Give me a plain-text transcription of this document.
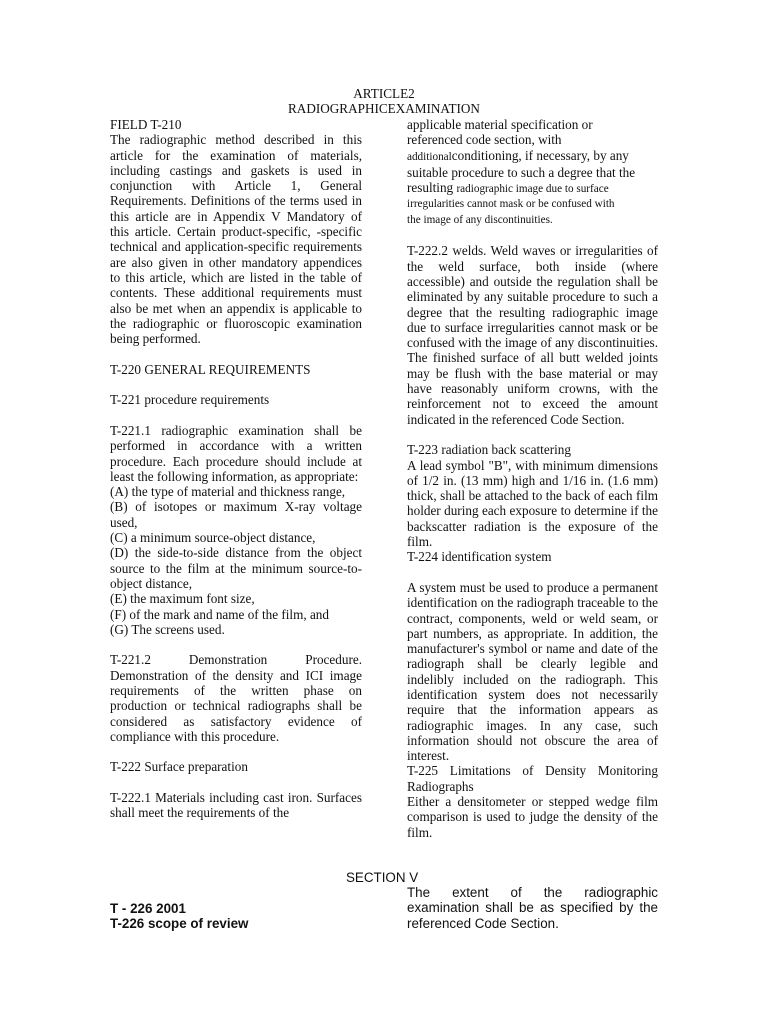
ARTICLE2
RADIOGRAPHICEXAMINATION

FIELD T-210

The radiographic method described in this article for the examination of materials, including castings and gaskets is used in conjunction with Article 1, General Requirements. Definitions of the terms used in this article are in Appendix V Mandatory of this article. Certain product-specific, -specific technical and application-specific requirements are also given in other mandatory appendices to this article, which are listed in the table of contents. These additional requirements must also be met when an appendix is applicable to the radiographic or fluoroscopic examination being performed.

T-220 GENERAL REQUIREMENTS

T-221 procedure requirements

T-221.1 radiographic examination shall be performed in accordance with a written procedure. Each procedure should include at least the following information, as appropriate:

(A) the type of material and thickness range,

(B) of isotopes or maximum X-ray voltage used,

(C) a minimum source-object distance,

(D) the side-to-side distance from the object source to the film at the minimum source-to-object distance,

(E) the maximum font size,

(F) of the mark and name of the film, and

(G) The screens used.

T-221.2 Demonstration Procedure. Demonstration of the density and ICI image requirements of the written phase on production or technical radiographs shall be considered as satisfactory evidence of compliance with this procedure.

T-222 Surface preparation

T-222.1 Materials including cast iron. Surfaces shall meet the requirements of the

applicable material specification or

referenced code section, with

additionalconditioning, if necessary, by any

suitable procedure to such a degree that the

resulting radiographic image due to surface

irregularities cannot mask or be confused with

the image of any discontinuities.

T-222.2 welds. Weld waves or irregularities of the weld surface, both inside (where accessible) and outside the regulation shall be eliminated by any suitable procedure to such a degree that the resulting radiographic image due to surface irregularities cannot mask or be confused with the image of any discontinuities. The finished surface of all butt welded joints may be flush with the base material or may have reasonably uniform crowns, with the reinforcement not to exceed the amount indicated in the referenced Code Section.

T-223 radiation back scattering

A lead symbol "B", with minimum dimensions of 1/2 in. (13 mm) high and 1/16 in. (1.6 mm) thick, shall be attached to the back of each film holder during each exposure to determine if the backscatter radiation is the exposure of the film.

T-224 identification system

A system must be used to produce a permanent identification on the radiograph traceable to the contract, components, weld or weld seam, or part numbers, as appropriate. In addition, the manufacturer's symbol or name and date of the radiograph shall be clearly legible and indelibly included on the radiograph. This identification system does not necessarily require that the information appears as radiographic images. In any case, such information should not obscure the area of interest.

T-225 Limitations of Density Monitoring Radiographs

Either a densitometer or stepped wedge film comparison is used to judge the density of the film.

SECTION V
T - 226 2001
T-226 scope of review
The extent of the radiographic examination shall be as specified by the referenced Code Section.
